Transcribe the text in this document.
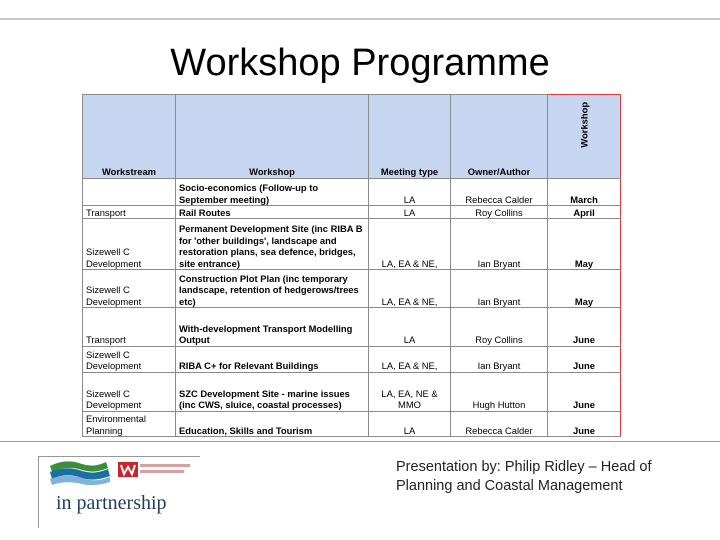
Workshop Programme
Workstream	Workshop	Meeting type	Owner/Author	Workshop

	Socio-economics (Follow-up to September meeting)	LA	Rebecca Calder	March
Transport	Rail Routes	LA	Roy Collins	April
Sizewell C Development	Permanent Development Site (inc RIBA B for 'other buildings', landscape and restoration plans, sea defence, bridges, site entrance)	LA, EA & NE,	Ian Bryant	May
Sizewell C Development	Construction Plot Plan (inc temporary landscape, retention of hedgerows/trees etc)	LA, EA & NE,	Ian Bryant	May
Transport	With-development Transport Modelling Output	LA	Roy Collins	June
Sizewell C Development	RIBA C+ for Relevant Buildings	LA, EA & NE,	Ian Bryant	June
Sizewell C Development	SZC Development Site - marine issues (inc CWS, sluice, coastal processes)	LA, EA, NE & MMO	Hugh Hutton	June
Environmental Planning	Education, Skills and Tourism	LA	Rebecca Calder	June
in partnership
Presentation by: Philip Ridley – Head of Planning and Coastal Management
